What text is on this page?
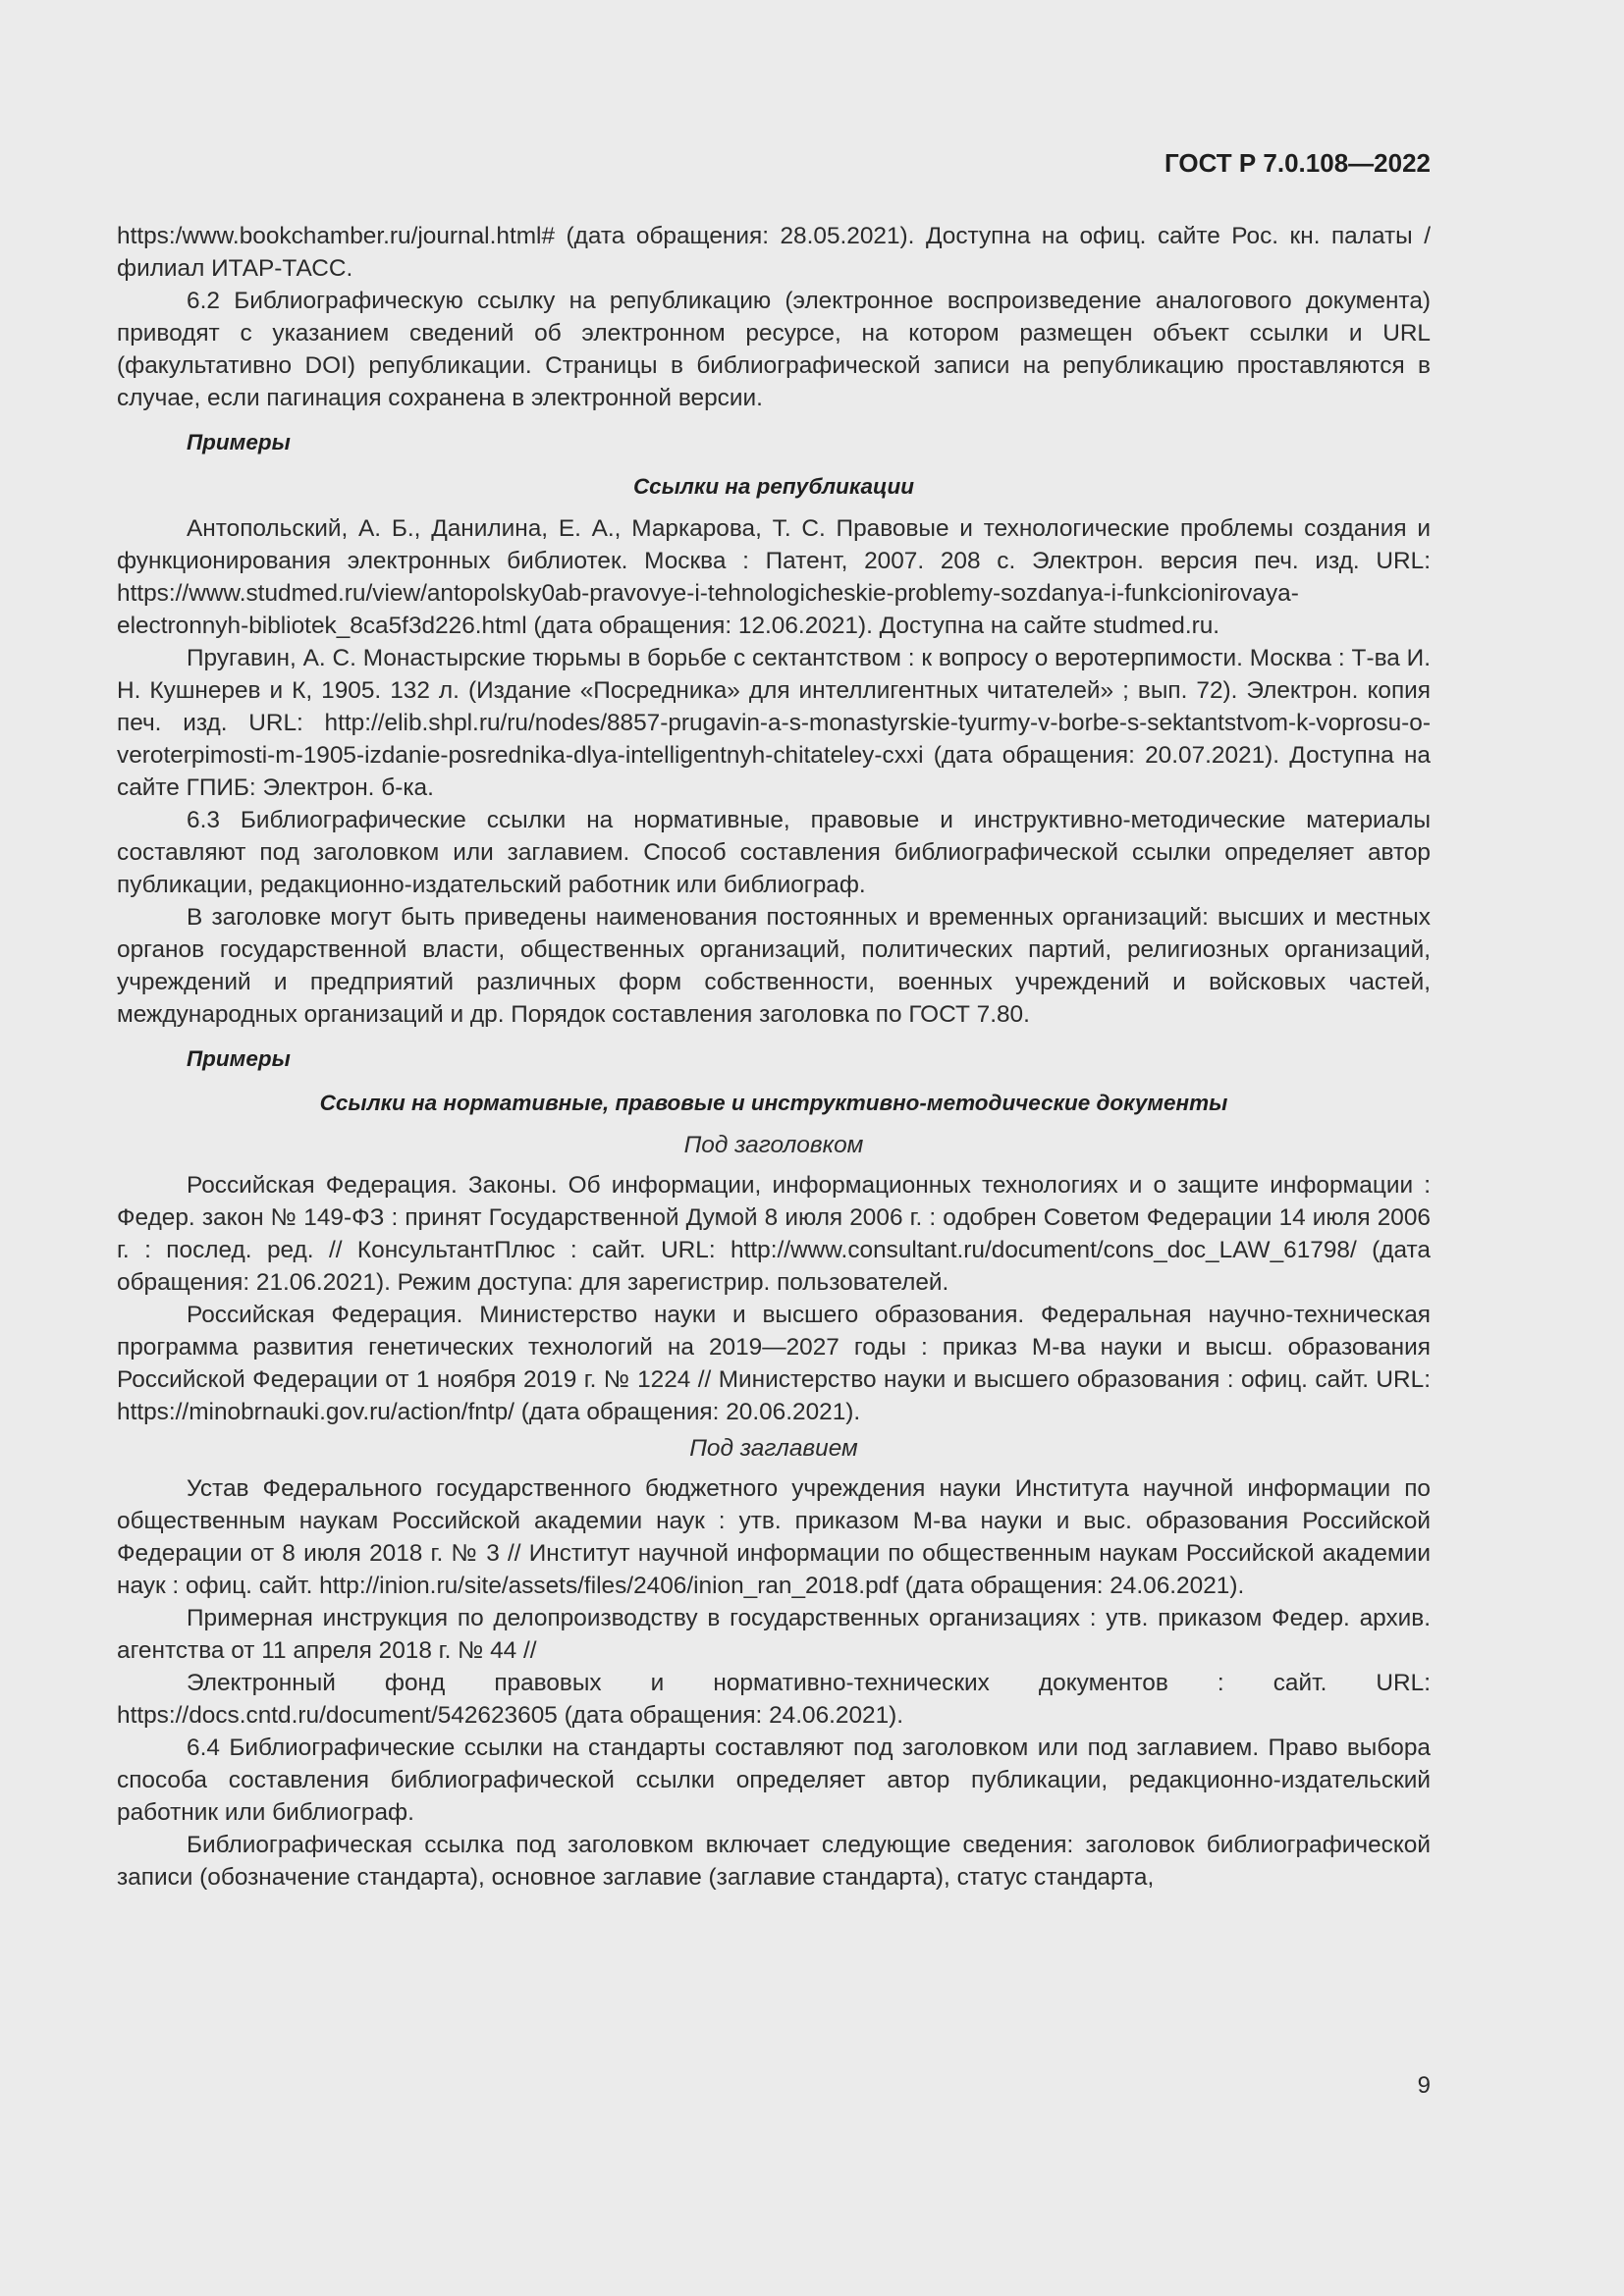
ГОСТ Р 7.0.108—2022

https:/www.bookchamber.ru/journal.html# (дата обращения: 28.05.2021). Доступна на офиц. сайте Рос. кн. палаты /филиал ИТАР-ТАСС.

6.2 Библиографическую ссылку на републикацию (электронное воспроизведение аналогового документа) приводят с указанием сведений об электронном ресурсе, на котором размещен объект ссылки и URL (факультативно DOI) републикации. Страницы в библиографической записи на републикацию проставляются в случае, если пагинация сохранена в электронной версии.

Примеры
Ссылки на републикации

Антопольский, А. Б., Данилина, Е. А., Маркарова, Т. С. Правовые и технологические проблемы создания и функционирования электронных библиотек. Москва : Патент, 2007. 208 с. Электрон. версия печ. изд. URL: https://www.studmed.ru/view/antopolsky0ab-pravovye-i-tehnologicheskie-problemy-sozdanya-i-funkcionirovaya-electronnyh-bibliotek_8ca5f3d226.html (дата обращения: 12.06.2021). Доступна на сайте studmed.ru.

Пругавин, А. С. Монастырские тюрьмы в борьбе с сектантством : к вопросу о веротерпимости. Москва : Т-ва И. Н. Кушнерев и К, 1905. 132 л. (Издание «Посредника» для интеллигентных читателей» ; вып. 72). Электрон. копия печ. изд. URL: http://elib.shpl.ru/ru/nodes/8857-prugavin-a-s-monastyrskie-tyurmy-v-borbe-s-sektantstvom-k-voprosu-o-veroterpimosti-m-1905-izdanie-posrednika-dlya-intelligentnyh-chitateley-cxxi (дата обращения: 20.07.2021). Доступна на сайте ГПИБ: Электрон. б-ка.

6.3 Библиографические ссылки на нормативные, правовые и инструктивно-методические материалы составляют под заголовком или заглавием. Способ составления библиографической ссылки определяет автор публикации, редакционно-издательский работник или библиограф.

В заголовке могут быть приведены наименования постоянных и временных организаций: высших и местных органов государственной власти, общественных организаций, политических партий, религиозных организаций, учреждений и предприятий различных форм собственности, военных учреждений и войсковых частей, международных организаций и др. Порядок составления заголовка по ГОСТ 7.80.

Примеры
Ссылки на нормативные, правовые и инструктивно-методические документы
Под заголовком

Российская Федерация. Законы. Об информации, информационных технологиях и о защите информации : Федер. закон № 149-ФЗ : принят Государственной Думой 8 июля 2006 г. : одобрен Советом Федерации 14 июля 2006 г. : послед. ред. // КонсультантПлюс : сайт. URL: http://www.consultant.ru/document/cons_doc_LAW_61798/ (дата обращения: 21.06.2021). Режим доступа: для зарегистрир. пользователей.

Российская Федерация. Министерство науки и высшего образования. Федеральная научно-техническая программа развития генетических технологий на 2019—2027 годы : приказ М-ва науки и высш. образования Российской Федерации от 1 ноября 2019 г. № 1224 // Министерство науки и высшего образования : офиц. сайт. URL: https://minobrnauki.gov.ru/action/fntp/ (дата обращения: 20.06.2021).

Под заглавием

Устав Федерального государственного бюджетного учреждения науки Института научной информации по общественным наукам Российской академии наук : утв. приказом М-ва науки и выс. образования Российской Федерации от 8 июля 2018 г. № 3 // Институт научной информации по общественным наукам Российской академии наук : офиц. сайт. http://inion.ru/site/assets/files/2406/inion_ran_2018.pdf (дата обращения: 24.06.2021).

Примерная инструкция по делопроизводству в государственных организациях : утв. приказом Федер. архив. агентства от 11 апреля 2018 г. № 44 //

Электронный фонд правовых и нормативно-технических документов : сайт. URL: https://docs.cntd.ru/document/542623605 (дата обращения: 24.06.2021).

6.4 Библиографические ссылки на стандарты составляют под заголовком или под заглавием. Право выбора способа составления библиографической ссылки определяет автор публикации, редакционно-издательский работник или библиограф.

Библиографическая ссылка под заголовком включает следующие сведения: заголовок библиографической записи (обозначение стандарта), основное заглавие (заглавие стандарта), статус стандарта,

9
